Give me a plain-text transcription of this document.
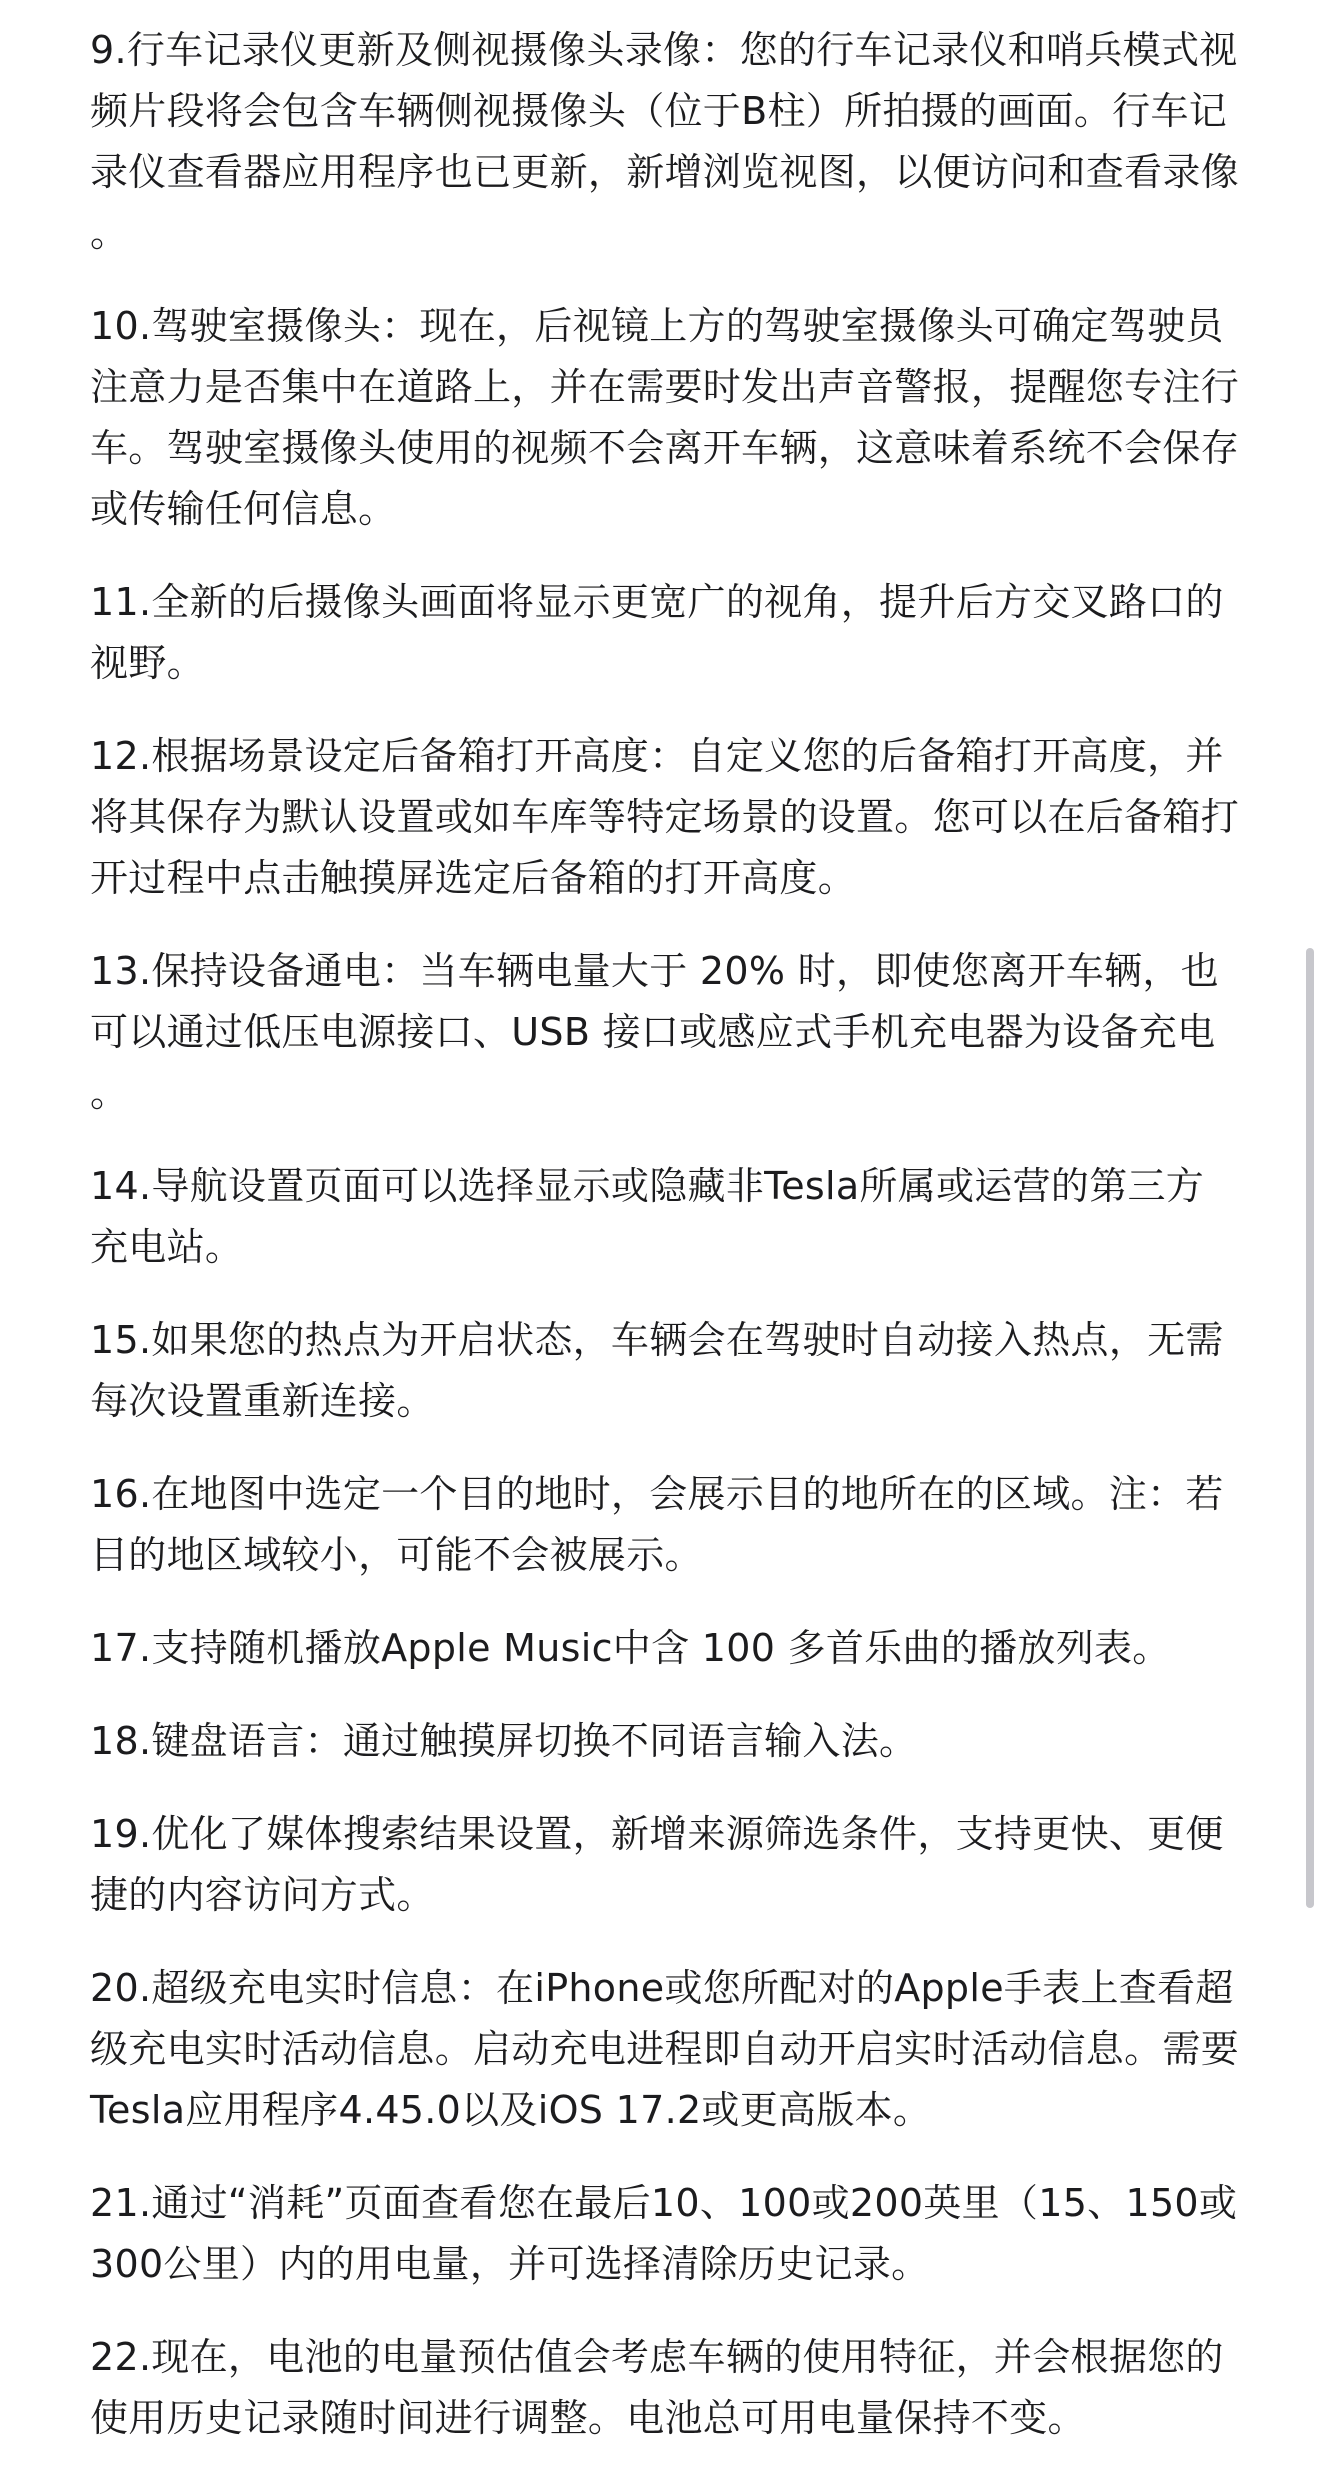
9.行车记录仪更新及侧视摄像头录像：您的行车记录仪和哨兵模式视频片段将会包含车辆侧视摄像头（位于B柱）所拍摄的画面。行车记录仪查看器应用程序也已更新，新增浏览视图，以便访问和查看录像。

10.驾驶室摄像头：现在，后视镜上方的驾驶室摄像头可确定驾驶员注意力是否集中在道路上，并在需要时发出声音警报，提醒您专注行车。驾驶室摄像头使用的视频不会离开车辆，这意味着系统不会保存或传输任何信息。

11.全新的后摄像头画面将显示更宽广的视角，提升后方交叉路口的视野。

12.根据场景设定后备箱打开高度：自定义您的后备箱打开高度，并将其保存为默认设置或如车库等特定场景的设置。您可以在后备箱打开过程中点击触摸屏选定后备箱的打开高度。

13.保持设备通电：当车辆电量大于 20% 时，即使您离开车辆，也可以通过低压电源接口、USB 接口或感应式手机充电器为设备充电。

14.导航设置页面可以选择显示或隐藏非Tesla所属或运营的第三方充电站。

15.如果您的热点为开启状态，车辆会在驾驶时自动接入热点，无需每次设置重新连接。

16.在地图中选定一个目的地时，会展示目的地所在的区域。注：若目的地区域较小，可能不会被展示。

17.支持随机播放Apple Music中含 100 多首乐曲的播放列表。

18.键盘语言：通过触摸屏切换不同语言输入法。

19.优化了媒体搜索结果设置，新增来源筛选条件，支持更快、更便捷的内容访问方式。

20.超级充电实时信息：在iPhone或您所配对的Apple手表上查看超级充电实时活动信息。启动充电进程即自动开启实时活动信息。需要Tesla应用程序4.45.0以及iOS 17.2或更高版本。

21.通过“消耗”页面查看您在最后10、100或200英里（15、150或300公里）内的用电量，并可选择清除历史记录。

22.现在，电池的电量预估值会考虑车辆的使用特征，并会根据您的使用历史记录随时间进行调整。电池总可用电量保持不变。
